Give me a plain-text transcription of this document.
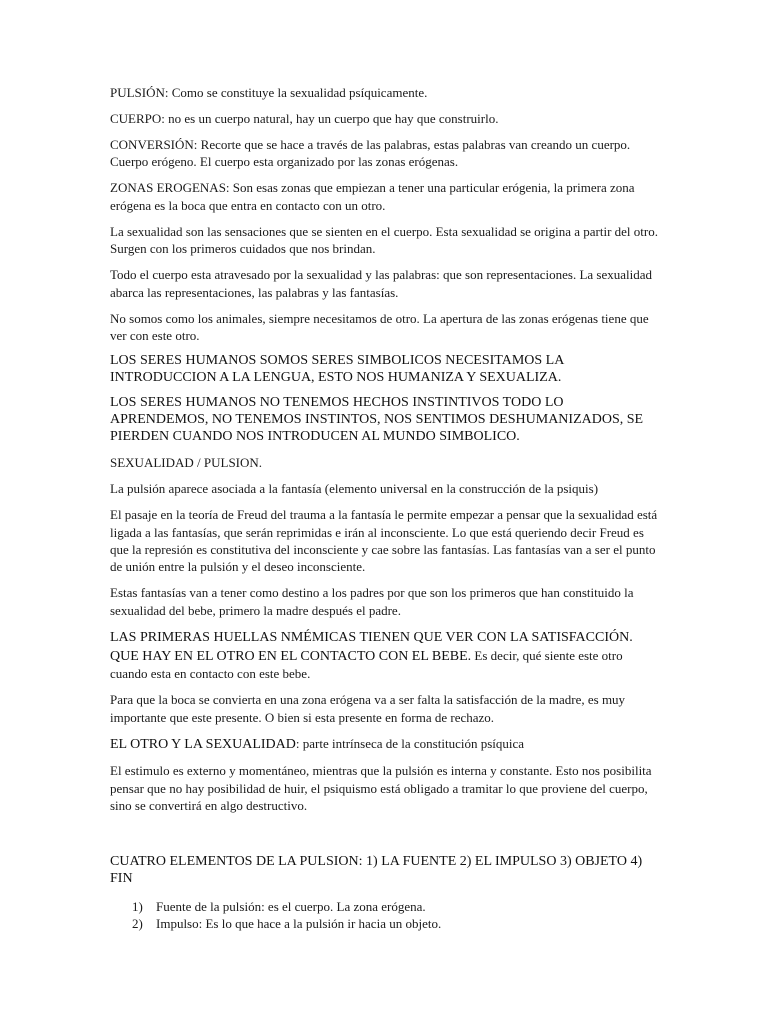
PULSIÓN: Como se constituye la sexualidad psíquicamente.

CUERPO: no es un cuerpo natural, hay un cuerpo que hay que construirlo.

CONVERSIÓN: Recorte que se hace a través de las palabras, estas palabras van creando un cuerpo. Cuerpo erógeno. El cuerpo esta organizado por las zonas erógenas.

ZONAS EROGENAS: Son esas zonas que empiezan a tener una particular erógenia, la primera zona erógena es la boca que entra en contacto con un otro.

La sexualidad son las sensaciones que se sienten en el cuerpo. Esta sexualidad se origina a partir del otro. Surgen con los primeros cuidados que nos brindan.

Todo el cuerpo esta atravesado por la sexualidad y las palabras: que son representaciones. La sexualidad abarca las representaciones, las palabras y las fantasías.

No somos como los animales, siempre necesitamos de otro. La apertura de las zonas erógenas tiene que ver con este otro.

LOS SERES HUMANOS SOMOS SERES SIMBOLICOS NECESITAMOS LA INTRODUCCION A LA LENGUA, ESTO NOS HUMANIZA Y SEXUALIZA.

LOS SERES HUMANOS NO TENEMOS HECHOS INSTINTIVOS TODO LO APRENDEMOS, NO TENEMOS INSTINTOS, NOS SENTIMOS DESHUMANIZADOS, SE PIERDEN CUANDO NOS INTRODUCEN AL MUNDO SIMBOLICO.

SEXUALIDAD / PULSION.

La pulsión aparece asociada a la fantasía (elemento universal en la construcción de la psiquis)

El pasaje en la teoría de Freud del trauma a la fantasía le permite empezar a pensar que la sexualidad está ligada a las fantasías, que serán reprimidas e irán al inconsciente. Lo que está queriendo decir Freud es que la represión es constitutiva del inconsciente y cae sobre las fantasías. Las fantasías van a ser el punto de unión entre la pulsión y el deseo inconsciente.

Estas fantasías van a tener como destino a los padres por que son los primeros que han constituido la sexualidad del bebe, primero la madre después el padre.

LAS PRIMERAS HUELLAS NMÉMICAS TIENEN QUE VER CON LA SATISFACCIÓN. QUE HAY EN EL OTRO EN EL CONTACTO CON EL BEBE. Es decir, qué siente este otro cuando esta en contacto con este bebe.

Para que la boca se convierta en una zona erógena va a ser falta la satisfacción de la madre, es muy importante que este presente. O bien si esta presente en forma de rechazo.

EL OTRO Y LA SEXUALIDAD: parte intrínseca de la constitución psíquica

El estimulo es externo y momentáneo, mientras que la pulsión es interna y constante. Esto nos posibilita pensar que no hay posibilidad de huir, el psiquismo está obligado a tramitar lo que proviene del cuerpo, sino se convertirá en algo destructivo.

CUATRO ELEMENTOS DE LA PULSION: 1) LA FUENTE 2) EL IMPULSO 3) OBJETO 4) FIN

1) Fuente de la pulsión: es el cuerpo. La zona erógena.
2) Impulso: Es lo que hace a la pulsión ir hacia un objeto.
